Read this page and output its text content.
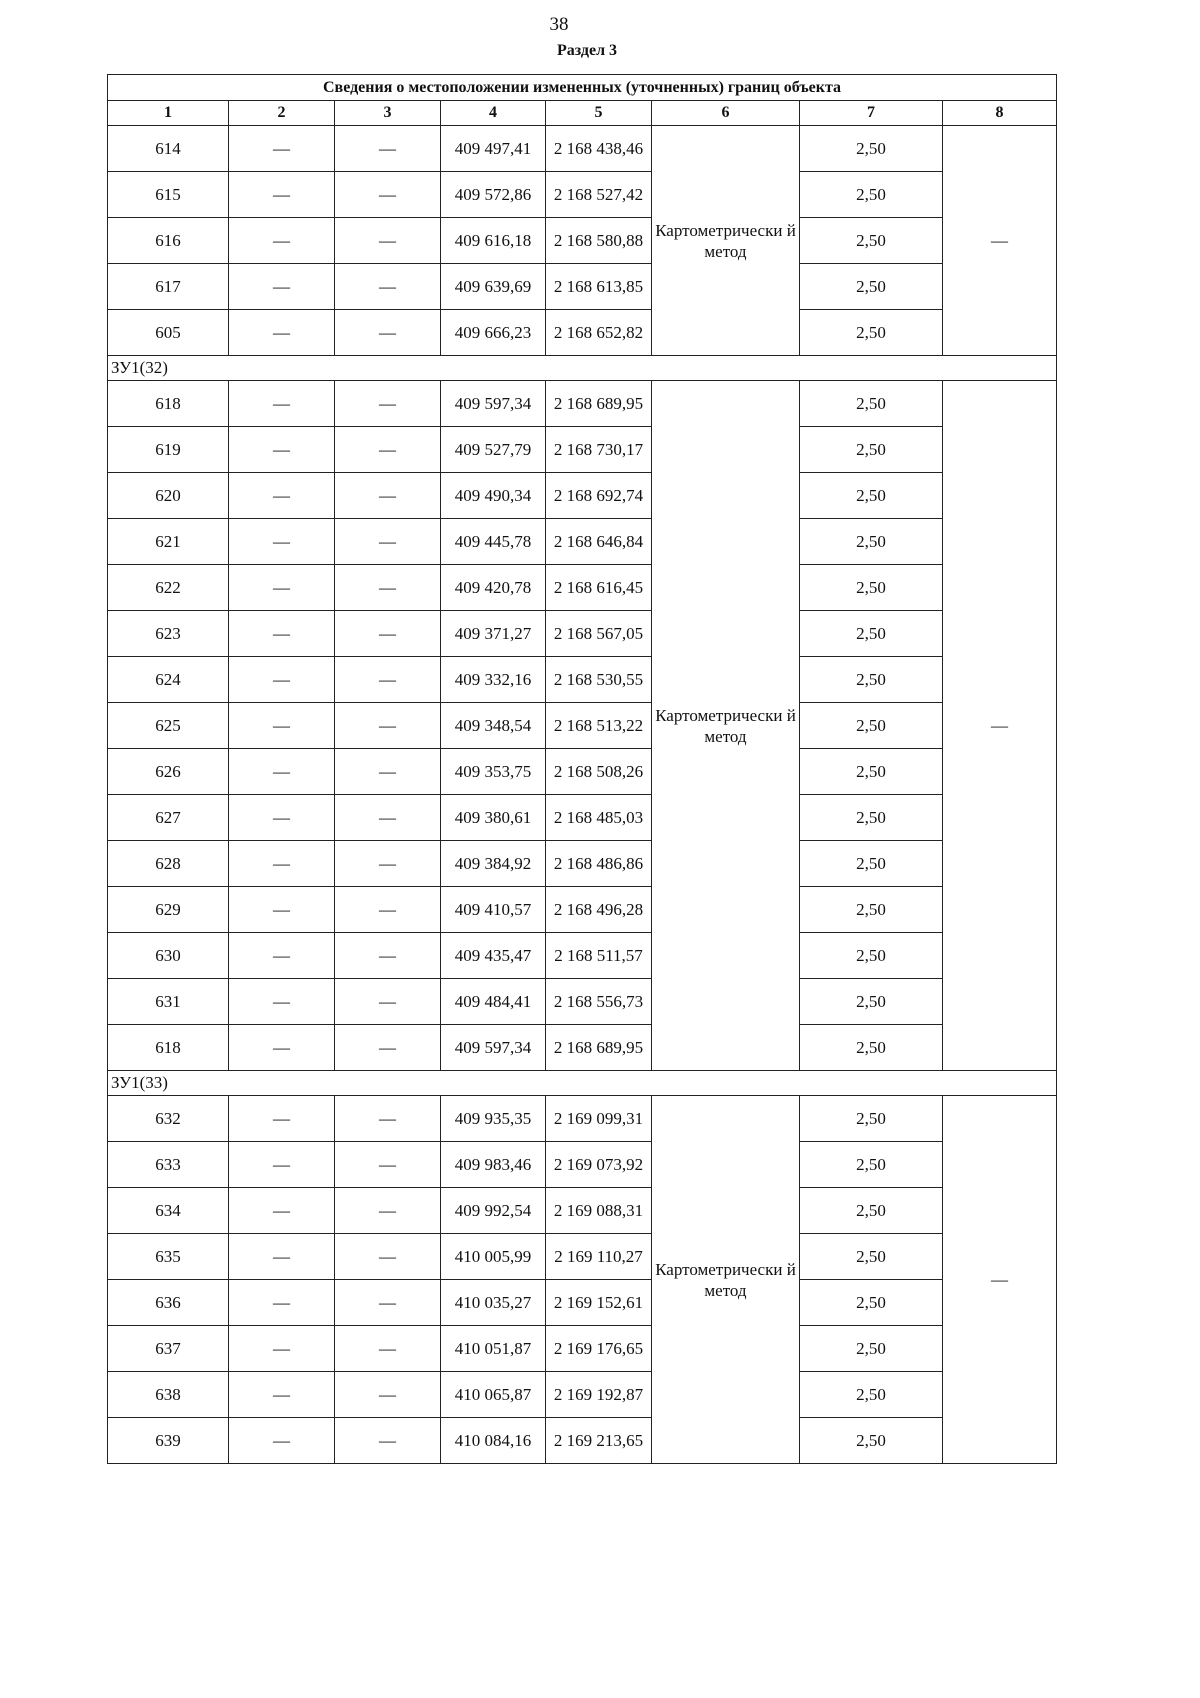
38
Раздел 3
Сведения о местоположении измененных (уточненных) границ объекта							
1	2	3	4	5	6	7	8
614	—	—	409 497,41	2 168 438,46	Картометрически й метод	2,50	—
615	—	—	409 572,86	2 168 527,42		2,50	
616	—	—	409 616,18	2 168 580,88		2,50	
617	—	—	409 639,69	2 168 613,85		2,50	
605	—	—	409 666,23	2 168 652,82		2,50	
ЗУ1(32)							
618	—	—	409 597,34	2 168 689,95	Картометрически й метод	2,50	—
619	—	—	409 527,79	2 168 730,17		2,50	
620	—	—	409 490,34	2 168 692,74		2,50	
621	—	—	409 445,78	2 168 646,84		2,50	
622	—	—	409 420,78	2 168 616,45		2,50	
623	—	—	409 371,27	2 168 567,05		2,50	
624	—	—	409 332,16	2 168 530,55		2,50	
625	—	—	409 348,54	2 168 513,22		2,50	
626	—	—	409 353,75	2 168 508,26		2,50	
627	—	—	409 380,61	2 168 485,03		2,50	
628	—	—	409 384,92	2 168 486,86		2,50	
629	—	—	409 410,57	2 168 496,28		2,50	
630	—	—	409 435,47	2 168 511,57		2,50	
631	—	—	409 484,41	2 168 556,73		2,50	
618	—	—	409 597,34	2 168 689,95		2,50	
ЗУ1(33)							
632	—	—	409 935,35	2 169 099,31	Картометрически й метод	2,50	—
633	—	—	409 983,46	2 169 073,92		2,50	
634	—	—	409 992,54	2 169 088,31		2,50	
635	—	—	410 005,99	2 169 110,27		2,50	
636	—	—	410 035,27	2 169 152,61		2,50	
637	—	—	410 051,87	2 169 176,65		2,50	
638	—	—	410 065,87	2 169 192,87		2,50	
639	—	—	410 084,16	2 169 213,65		2,50	
